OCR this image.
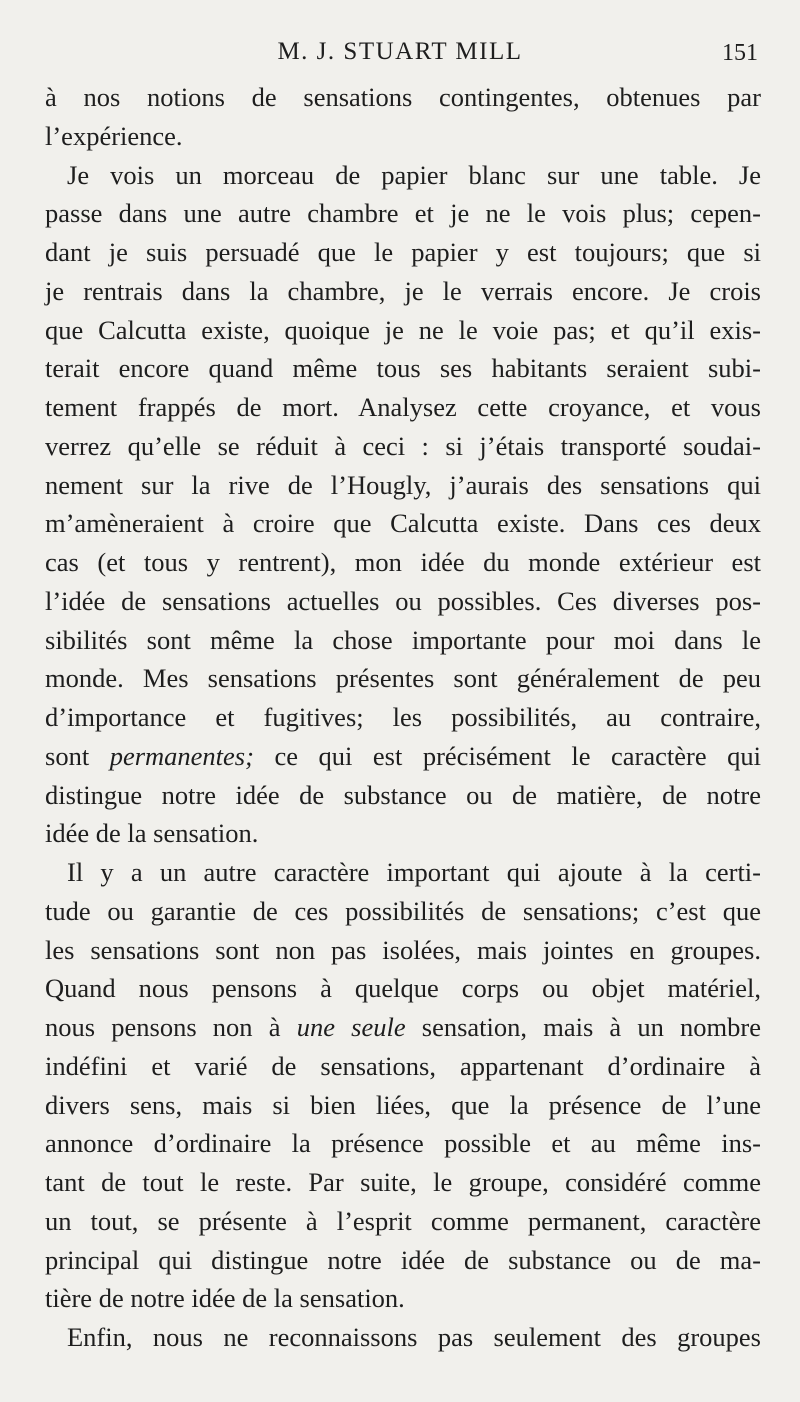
M. J. STUART MILL	151
à nos notions de sensations contingentes, obtenues par
l’expérience.
Je vois un morceau de papier blanc sur une table. Je
passe dans une autre chambre et je ne le vois plus; cepen-
dant je suis persuadé que le papier y est toujours; que si
je rentrais dans la chambre, je le verrais encore. Je crois
que Calcutta existe, quoique je ne le voie pas; et qu’il exis-
terait encore quand même tous ses habitants seraient subi-
tement frappés de mort. Analysez cette croyance, et vous
verrez qu’elle se réduit à ceci : si j’étais transporté soudai-
nement sur la rive de l’Hougly, j’aurais des sensations qui
m’amèneraient à croire que Calcutta existe. Dans ces deux
cas (et tous y rentrent), mon idée du monde extérieur est
l’idée de sensations actuelles ou possibles. Ces diverses pos-
sibilités sont même la chose importante pour moi dans le
monde. Mes sensations présentes sont généralement de peu
d’importance et fugitives; les possibilités, au contraire,
sont permanentes; ce qui est précisément le caractère qui
distingue notre idée de substance ou de matière, de notre
idée de la sensation.
Il y a un autre caractère important qui ajoute à la certi-
tude ou garantie de ces possibilités de sensations; c’est que
les sensations sont non pas isolées, mais jointes en groupes.
Quand nous pensons à quelque corps ou objet matériel,
nous pensons non à une seule sensation, mais à un nombre
indéfini et varié de sensations, appartenant d’ordinaire à
divers sens, mais si bien liées, que la présence de l’une
annonce d’ordinaire la présence possible et au même ins-
tant de tout le reste. Par suite, le groupe, considéré comme
un tout, se présente à l’esprit comme permanent, caractère
principal qui distingue notre idée de substance ou de ma-
tière de notre idée de la sensation.
Enfin, nous ne reconnaissons pas seulement des groupes
